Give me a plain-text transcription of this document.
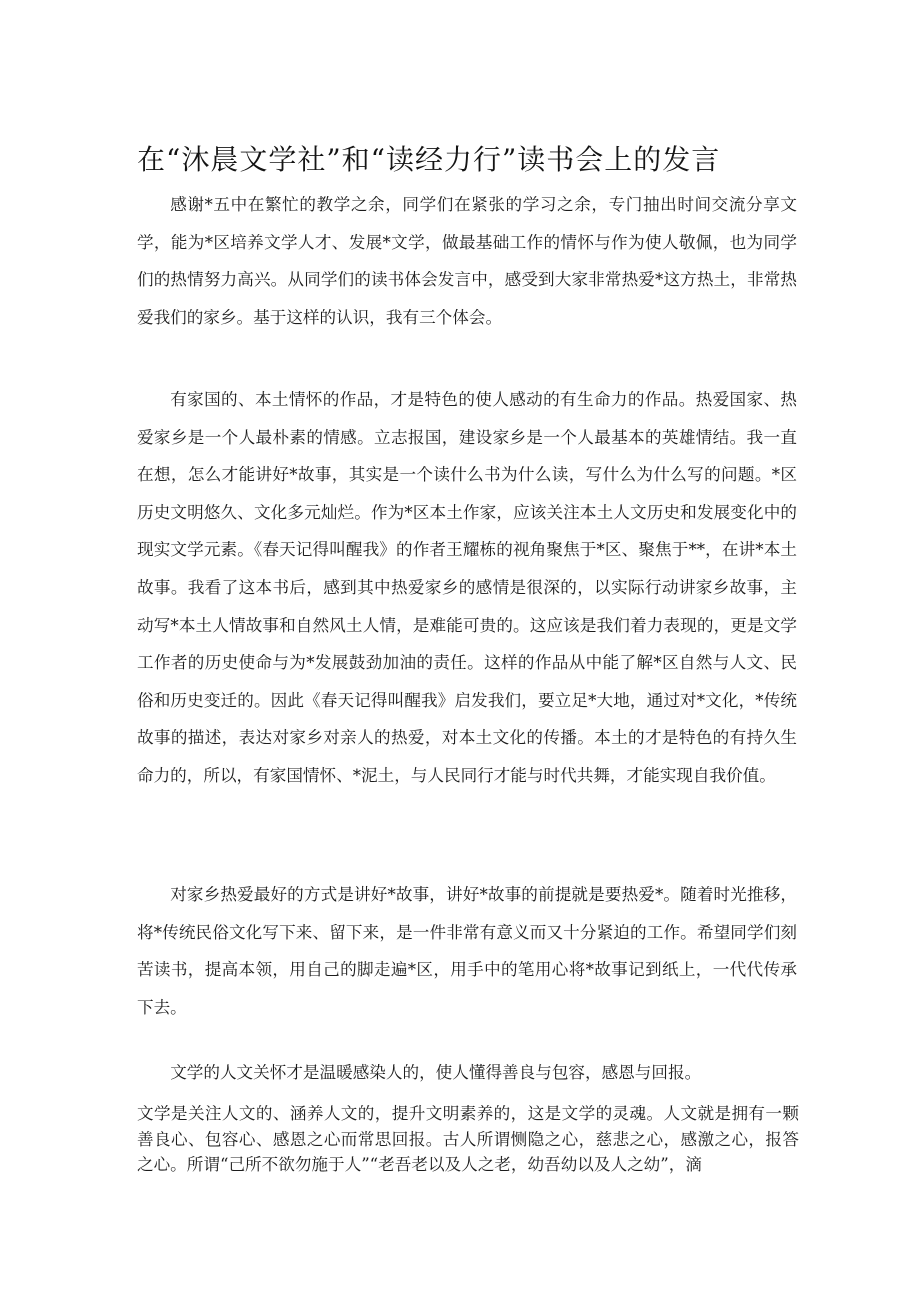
在“沐晨文学社”和“读经力行”读书会上的发言

感谢*五中在繁忙的教学之余，同学们在紧张的学习之余，专门抽出时间交流分享文学，能为*区培养文学人才、发展*文学，做最基础工作的情怀与作为使人敬佩，也为同学们的热情努力高兴。从同学们的读书体会发言中，感受到大家非常热爱*这方热土，非常热爱我们的家乡。基于这样的认识，我有三个体会。

有家国的、本土情怀的作品，才是特色的使人感动的有生命力的作品。热爱国家、热爱家乡是一个人最朴素的情感。立志报国，建设家乡是一个人最基本的英雄情结。我一直在想，怎么才能讲好*故事，其实是一个读什么书为什么读，写什么为什么写的问题。*区历史文明悠久、文化多元灿烂。作为*区本土作家，应该关注本土人文历史和发展变化中的现实文学元素。《春天记得叫醒我》的作者王耀栋的视角聚焦于*区、聚焦于**，在讲*本土故事。我看了这本书后，感到其中热爱家乡的感情是很深的，以实际行动讲家乡故事，主动写*本土人情故事和自然风土人情，是难能可贵的。这应该是我们着力表现的，更是文学工作者的历史使命与为*发展鼓劲加油的责任。这样的作品从中能了解*区自然与人文、民俗和历史变迁的。因此《春天记得叫醒我》启发我们，要立足*大地，通过对*文化，*传统故事的描述，表达对家乡对亲人的热爱，对本土文化的传播。本土的才是特色的有持久生命力的，所以，有家国情怀、*泥土，与人民同行才能与时代共舞，才能实现自我价值。

对家乡热爱最好的方式是讲好*故事，讲好*故事的前提就是要热爱*。随着时光推移，将*传统民俗文化写下来、留下来，是一件非常有意义而又十分紧迫的工作。希望同学们刻苦读书，提高本领，用自己的脚走遍*区，用手中的笔用心将*故事记到纸上，一代代传承下去。

文学的人文关怀才是温暖感染人的，使人懂得善良与包容，感恩与回报。

文学是关注人文的、涵养人文的，提升文明素养的，这是文学的灵魂。人文就是拥有一颗善良心、包容心、感恩之心而常思回报。古人所谓恻隐之心，慈悲之心，感激之心，报答之心。所谓“己所不欲勿施于人”“老吾老以及人之老，幼吾幼以及人之幼”，滴
